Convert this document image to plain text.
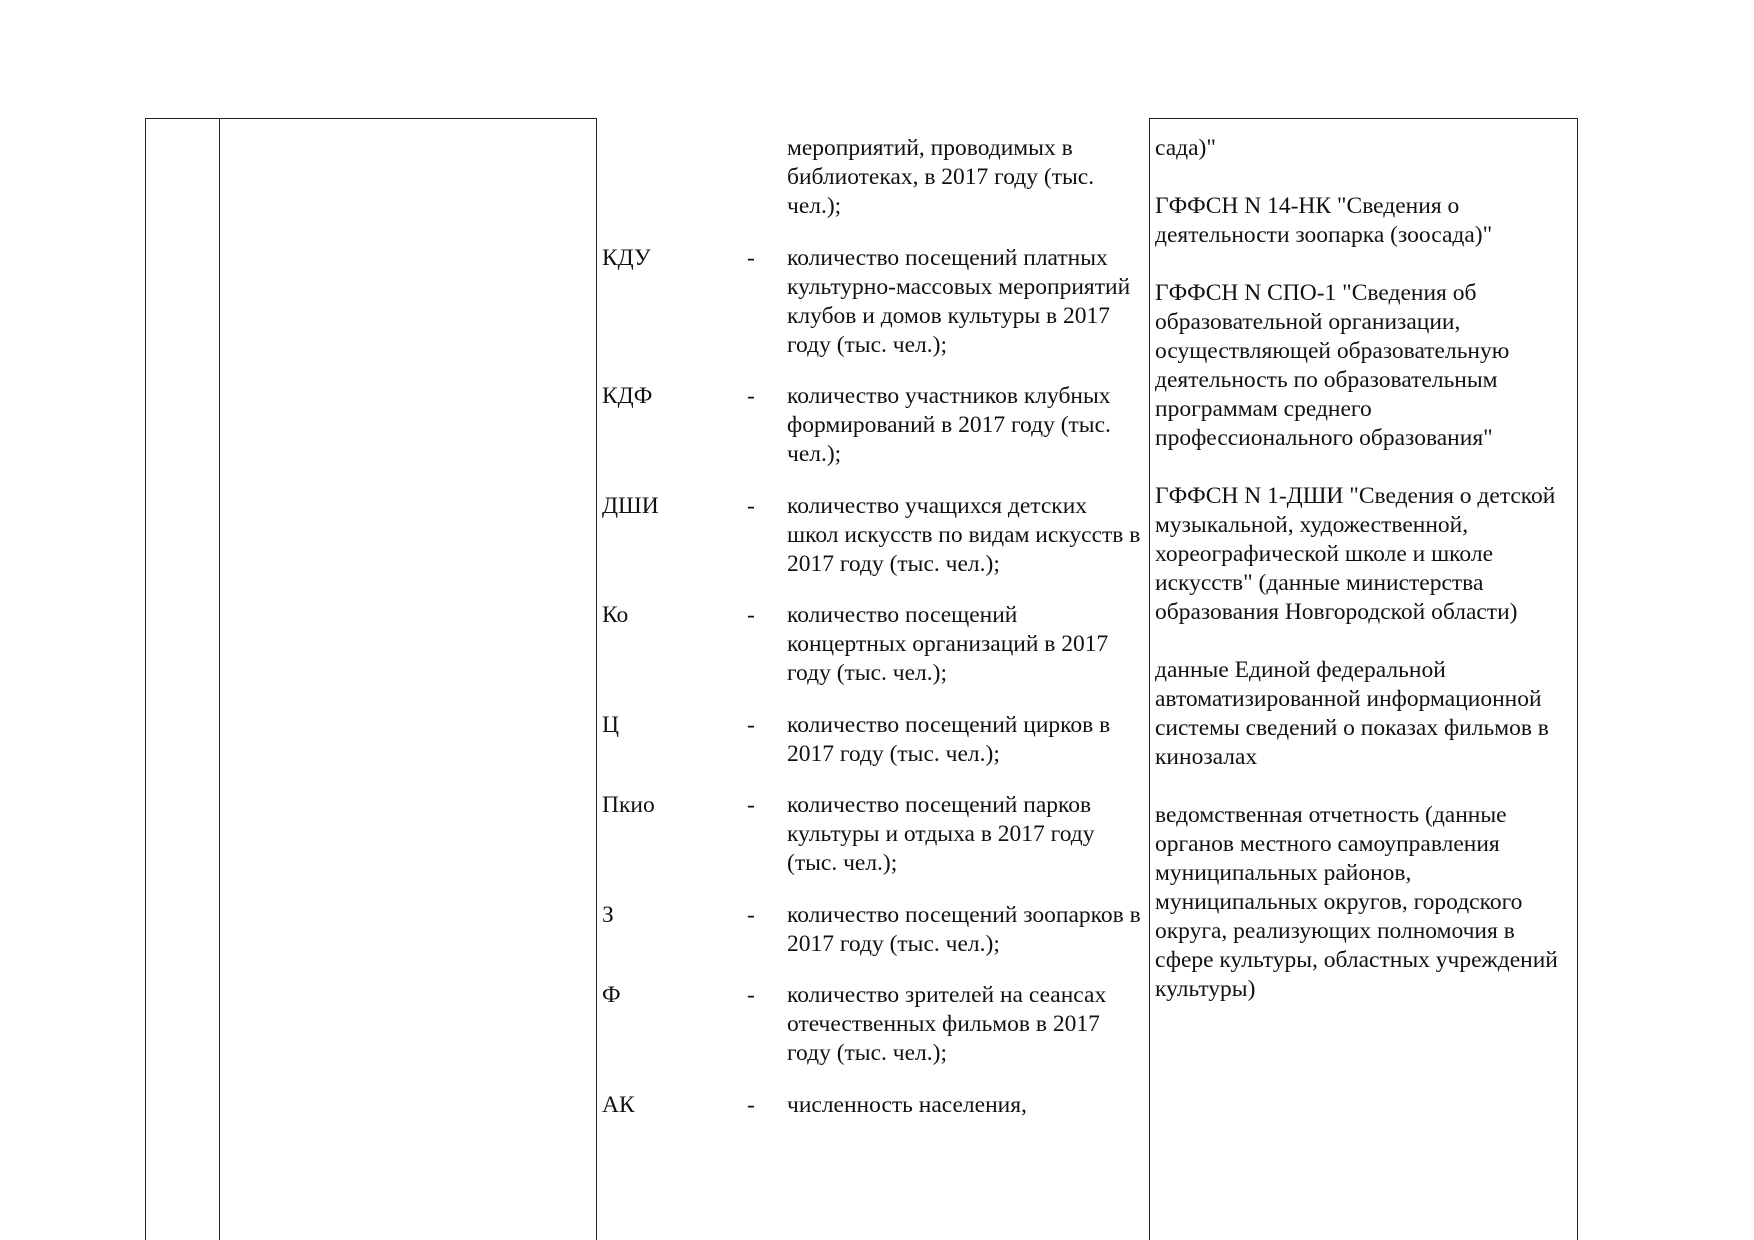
мероприятий, проводимых в библиотеках, в 2017 году (тыс. чел.);
КДУ	-	количество посещений платных культурно-массовых мероприятий клубов и домов культуры в 2017 году (тыс. чел.);
КДФ	-	количество участников клубных формирований в 2017 году (тыс. чел.);
ДШИ	-	количество учащихся детских школ искусств по видам искусств в 2017 году (тыс. чел.);
Ко	-	количество посещений концертных организаций в 2017 году (тыс. чел.);
Ц	-	количество посещений цирков в 2017 году (тыс. чел.);
Пкио	-	количество посещений парков культуры и отдыха в 2017 году (тыс. чел.);
З	-	количество посещений зоопарков в 2017 году (тыс. чел.);
Ф	-	количество зрителей на сеансах отечественных фильмов в 2017 году (тыс. чел.);
АК	-	численность населения,

сада)"

ГФФСН N 14-НК "Сведения о деятельности зоопарка (зоосада)"

ГФФСН N СПО-1 "Сведения об образовательной организации, осуществляющей образовательную деятельность по образовательным программам среднего профессионального образования"

ГФФСН N 1-ДШИ "Сведения о детской музыкальной, художественной, хореографической школе и школе искусств" (данные министерства образования Новгородской области)

данные Единой федеральной автоматизированной информационной системы сведений о показах фильмов в кинозалах

ведомственная отчетность (данные органов местного самоуправления муниципальных районов, муниципальных округов, городского округа, реализующих полномочия в сфере культуры, областных учреждений культуры)
